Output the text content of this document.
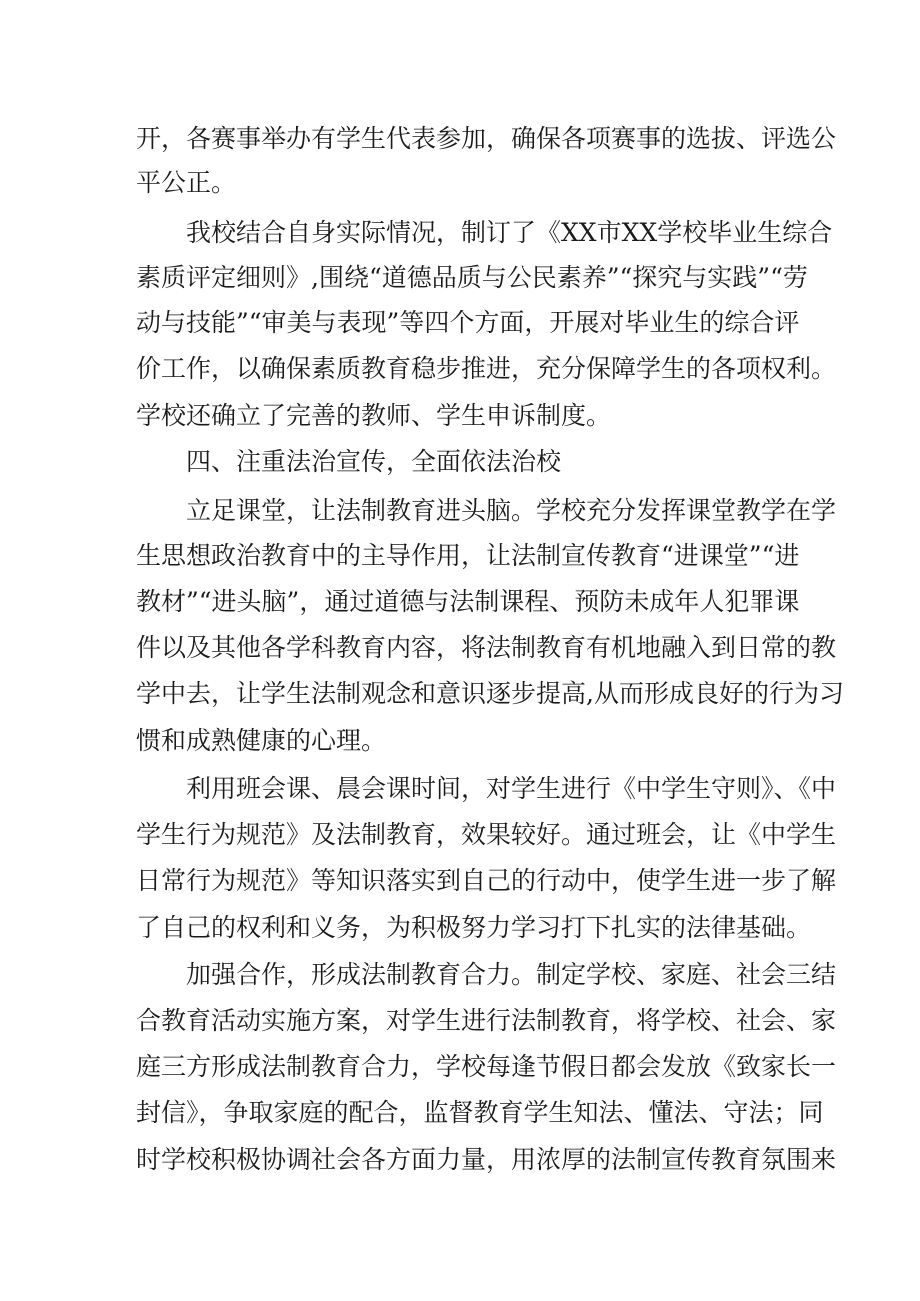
开，各赛事举办有学生代表参加，确保各项赛事的选拔、评选公
平公正。
我校结合自身实际情况，制订了《XX市XX学校毕业生综合
素质评定细则》,围绕“道德品质与公民素养”“探究与实践”“劳
动与技能”“审美与表现”等四个方面，开展对毕业生的综合评
价工作，以确保素质教育稳步推进，充分保障学生的各项权利。
学校还确立了完善的教师、学生申诉制度。
四、注重法治宣传，全面依法治校
立足课堂，让法制教育进头脑。学校充分发挥课堂教学在学
生思想政治教育中的主导作用，让法制宣传教育“进课堂”“进
教材”“进头脑”，通过道德与法制课程、预防未成年人犯罪课
件以及其他各学科教育内容，将法制教育有机地融入到日常的教
学中去，让学生法制观念和意识逐步提高,从而形成良好的行为习
惯和成熟健康的心理。
利用班会课、晨会课时间，对学生进行《中学生守则》、《中
学生行为规范》及法制教育，效果较好。通过班会，让《中学生
日常行为规范》等知识落实到自己的行动中，使学生进一步了解
了自己的权利和义务，为积极努力学习打下扎实的法律基础。
加强合作，形成法制教育合力。制定学校、家庭、社会三结
合教育活动实施方案，对学生进行法制教育，将学校、社会、家
庭三方形成法制教育合力，学校每逢节假日都会发放《致家长一
封信》，争取家庭的配合，监督教育学生知法、懂法、守法；同
时学校积极协调社会各方面力量，用浓厚的法制宣传教育氛围来
